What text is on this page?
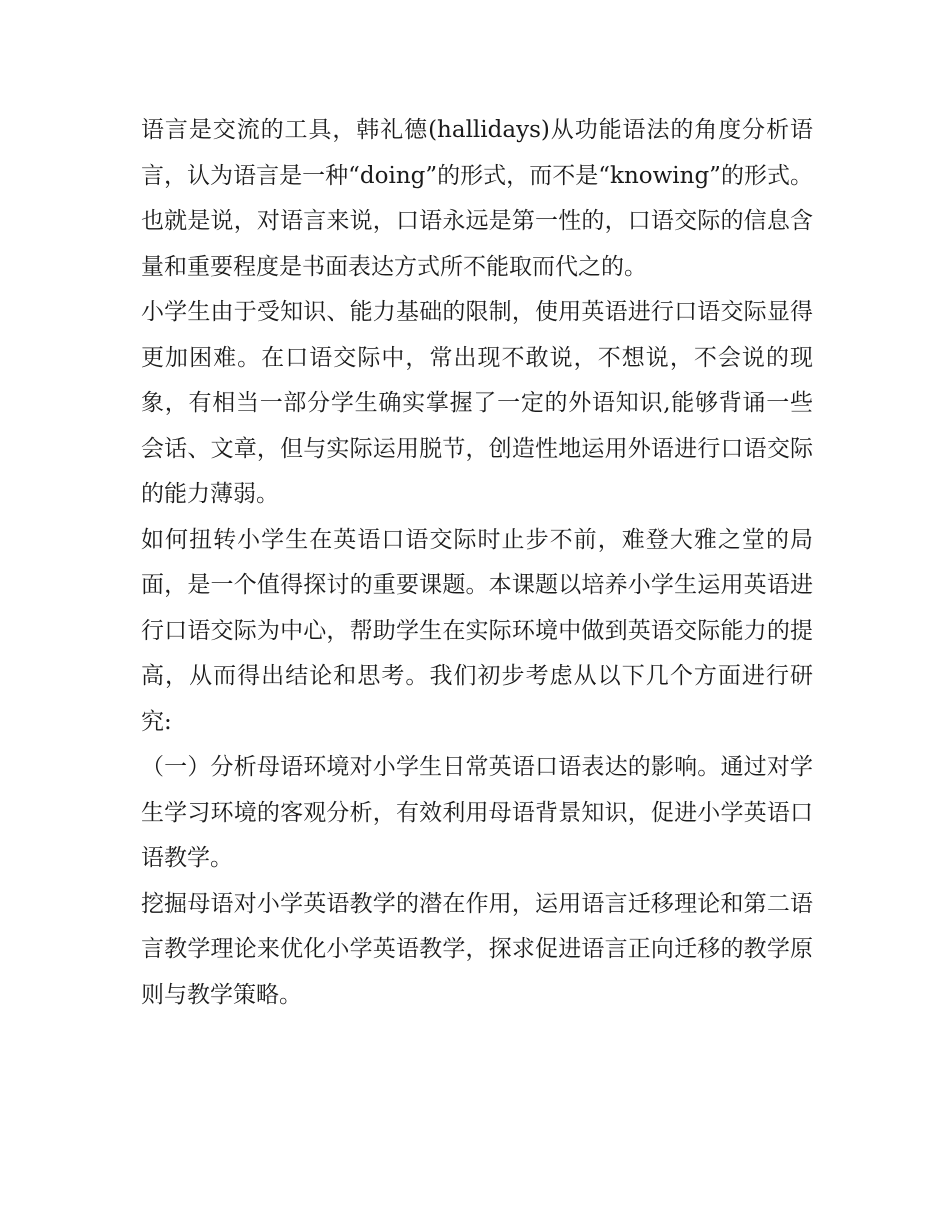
语言是交流的工具，韩礼德(hallidays)从功能语法的角度分析语言，认为语言是一种“doing”的形式，而不是“knowing”的形式。也就是说，对语言来说，口语永远是第一性的，口语交际的信息含量和重要程度是书面表达方式所不能取而代之的。

小学生由于受知识、能力基础的限制，使用英语进行口语交际显得更加困难。在口语交际中，常出现不敢说，不想说，不会说的现象，有相当一部分学生确实掌握了一定的外语知识,能够背诵一些会话、文章，但与实际运用脱节，创造性地运用外语进行口语交际的能力薄弱。

如何扭转小学生在英语口语交际时止步不前，难登大雅之堂的局面，是一个值得探讨的重要课题。本课题以培养小学生运用英语进行口语交际为中心，帮助学生在实际环境中做到英语交际能力的提高，从而得出结论和思考。我们初步考虑从以下几个方面进行研究:

（一）分析母语环境对小学生日常英语口语表达的影响。通过对学生学习环境的客观分析，有效利用母语背景知识，促进小学英语口语教学。

挖掘母语对小学英语教学的潜在作用，运用语言迁移理论和第二语言教学理论来优化小学英语教学，探求促进语言正向迁移的教学原则与教学策略。
